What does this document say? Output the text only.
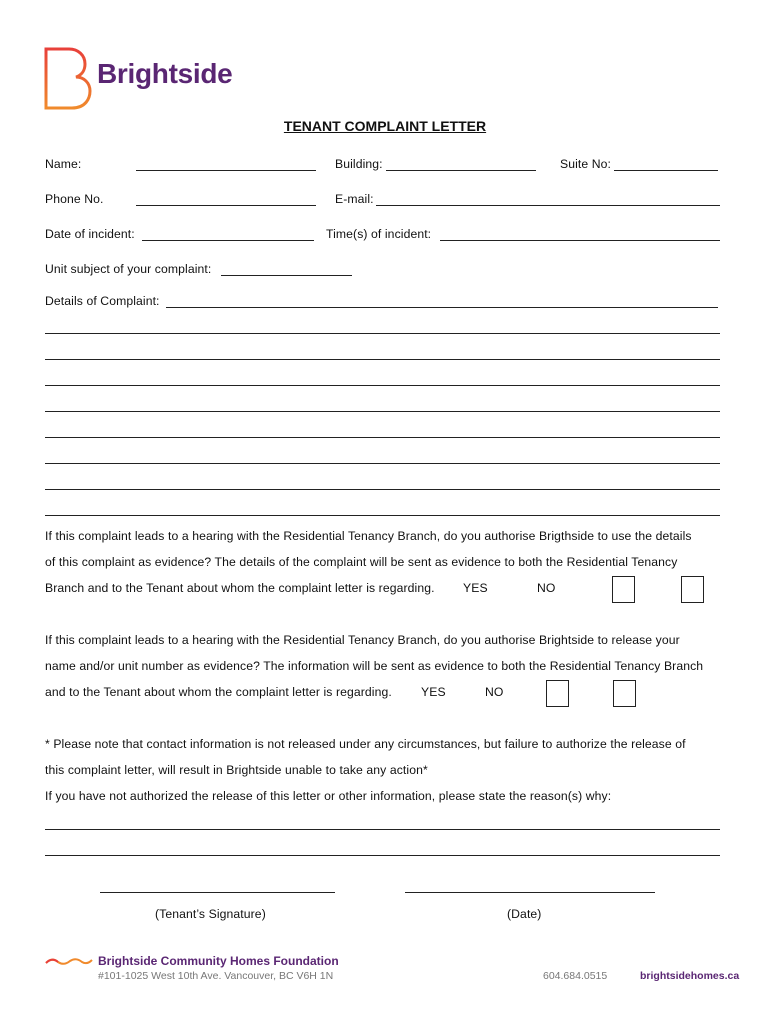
Brightside
TENANT COMPLAINT LETTER
Name:	Building:	Suite No:
Phone No.	E-mail:
Date of incident:	Time(s) of incident:
Unit subject of your complaint:
Details of Complaint:
If this complaint leads to a hearing with the Residential Tenancy Branch, do you authorise Brigthside to use the details
of this complaint as evidence? The details of the complaint will be sent as evidence to both the Residential Tenancy
Branch and to the Tenant about whom the complaint letter is regarding. YES	NO
If this complaint leads to a hearing with the Residential Tenancy Branch, do you authorise Brightside to release your
name and/or unit number as evidence? The information will be sent as evidence to both the Residential Tenancy Branch
and to the Tenant about whom the complaint letter is regarding. YES	NO
* Please note that contact information is not released under any circumstances, but failure to authorize the release of
this complaint letter, will result in Brightside unable to take any action*
If you have not authorized the release of this letter or other information, please state the reason(s) why:
(Tenant’s Signature)	(Date)
Brightside Community Homes Foundation
#101-1025 West 10th Ave. Vancouver, BC V6H 1N	604.684.0515	brightsidehomes.ca
